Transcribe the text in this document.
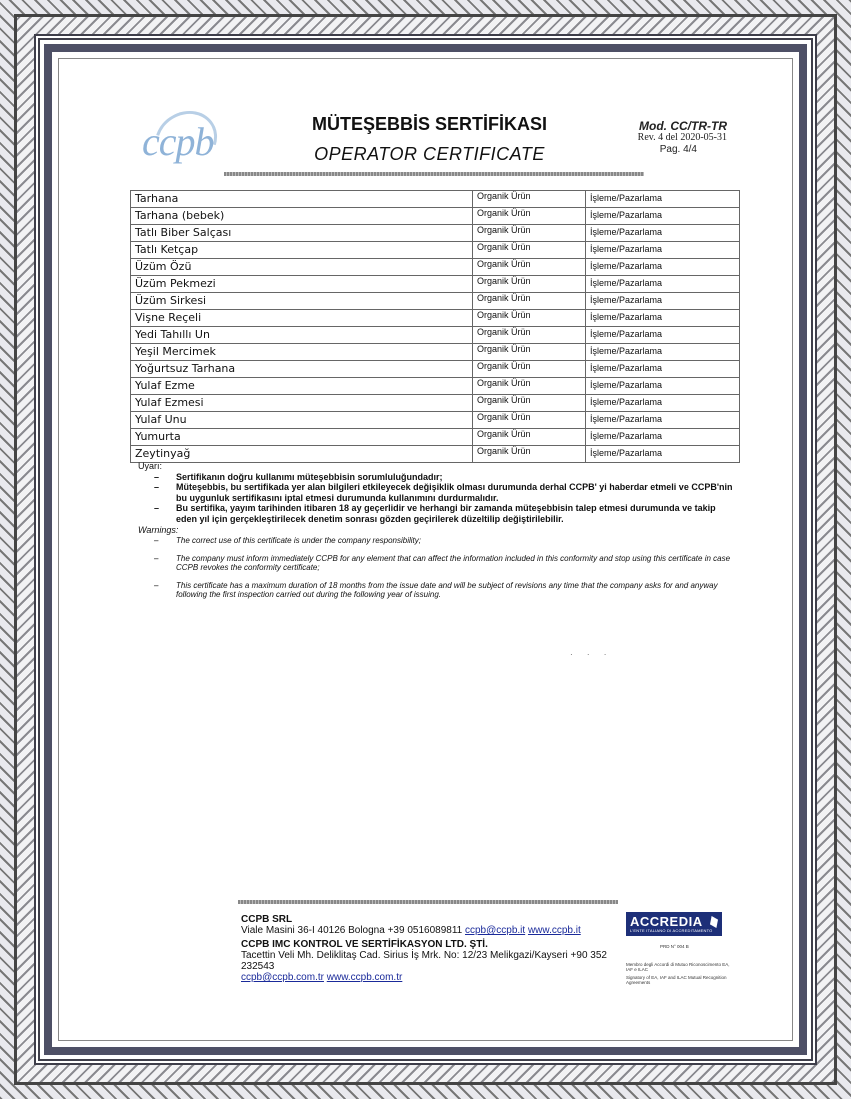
ccpb	MÜTEŞEBBİS SERTİFİKASI
OPERATOR CERTIFICATE
Mod. CC/TR-TR
Rev. 4 del 2020-05-31
Pag. 4/4
Tarhana	Organik Ürün	İşleme/Pazarlama
Tarhana (bebek)	Organik Ürün	İşleme/Pazarlama
Tatlı Biber Salçası	Organik Ürün	İşleme/Pazarlama
Tatlı Ketçap	Organik Ürün	İşleme/Pazarlama
Üzüm Özü	Organik Ürün	İşleme/Pazarlama
Üzüm Pekmezi	Organik Ürün	İşleme/Pazarlama
Üzüm Sirkesi	Organik Ürün	İşleme/Pazarlama
Vişne Reçeli	Organik Ürün	İşleme/Pazarlama
Yedi Tahıllı Un	Organik Ürün	İşleme/Pazarlama
Yeşil Mercimek	Organik Ürün	İşleme/Pazarlama
Yoğurtsuz Tarhana	Organik Ürün	İşleme/Pazarlama
Yulaf Ezme	Organik Ürün	İşleme/Pazarlama
Yulaf Ezmesi	Organik Ürün	İşleme/Pazarlama
Yulaf Unu	Organik Ürün	İşleme/Pazarlama
Yumurta	Organik Ürün	İşleme/Pazarlama
Zeytinyağ	Organik Ürün	İşleme/Pazarlama
Uyarı:
– Sertifikanın doğru kullanımı müteşebbisin sorumluluğundadır;
– Müteşebbis, bu sertifikada yer alan bilgileri etkileyecek değişiklik olması durumunda derhal CCPB' yi haberdar etmeli ve CCPB'nin bu uygunluk sertifikasını iptal etmesi durumunda kullanımını durdurmalıdır.
– Bu sertifika, yayım tarihinden itibaren 18 ay geçerlidir ve herhangi bir zamanda müteşebbisin talep etmesi durumunda ve takip eden yıl için gerçekleştirilecek denetim sonrası gözden geçirilerek düzeltilip değiştirilebilir.
Warnings:
– The correct use of this certificate is under the company responsibility;
– The company must inform immediately CCPB for any element that can affect the information included in this conformity and stop using this certificate in case CCPB revokes the conformity certificate;
– This certificate has a maximum duration of 18 months from the issue date and will be subject of revisions any time that the company asks for and anyway following the first inspection carried out during the following year of issuing.
· · ·
CCPB SRL
Viale Masini 36-I 40126 Bologna +39 0516089811 ccpb@ccpb.it www.ccpb.it
CCPB IMC KONTROL VE SERTİFİKASYON LTD. ŞTİ.
Tacettin Veli Mh. Deliklitaş Cad. Sirius İş Mrk. No: 12/23 Melikgazi/Kayseri +90 352 232543
ccpb@ccpb.com.tr www.ccpb.com.tr
ACCREDIA
L'ENTE ITALIANO DI ACCREDITAMENTO
PRD N° 004 B
Membro degli Accordi di Mutuo Riconoscimento EA, IAF e ILAC
Signatory of EA, IAF and ILAC Mutual Recognition Agreements
